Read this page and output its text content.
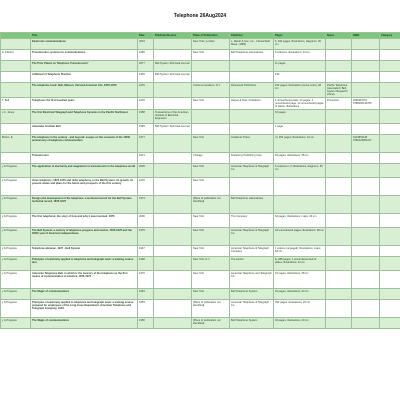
Telephone 26Aug2024
	Title	Date	Publisher/Source	Place of Publication	Publisher	Pages	Notes	ISBN	Category
	Electronic communications	2004		New York | London	L. Marsh & Son, Inc., Chesterfield Mass. (1883)	6, 400 pages; illustrations; diagrams; 26 cm			
in Industry	Transmission systems for communications	1965		New York	Bell Telephone Laboratories	5 volumes; illustrations; 24 cm			
	The Prior Patent on Telephone Transmission?	1877	Bell System Technical Journal			11 pages			
	A Manual of Telephone Practice	1915	Bell System Technical Journal			190			
	The telephone book: Bell, Watson, Vail and American Life, 1876-1976	1976		Croton-on-Hudson, N.Y.	Riverwood Publishers	153 pages; illustrations (some color); 28 cm	Pacific Telephone Association; Bell System Research Library		
T. Bell	Telephone: the first hundred years	1976		New York	Harper & Row, Publishers	1 unnumbered plate; 24 pages; 1 unnumbered page; 12 unnumbered pages of plates; illustrations	Promotion	0060110767 9780060110765	
x.C. Jones	The first Electrical Telegraph and Telephone Systems in the Pacific Northwest	1958	Transactions of the American Institute of Electrical Engineers			10 pages			
	Alexander Graham Bell	1939	Bell System Technical Journal			1 page			
Brown, E.	The telephone in the century - and beyond: essays on the occasion of the 100th anniversary of telephone communication	1977		New York	Academic Press	xii, 354 pages; illustrations; 24 cm		0123951135 9780123951137	
	Transmission	1971		Chicago	Telephony Publishing Corp.	63 pages; illustrations; 28 cm			
y & Progress	The application of electricity and magnetism to transmission in the telephone world	2006		New York	American Telephone & Telegraph Co.	6 volumes in 3; illustrations; diagrams; 25 cm			
y & Progress	Voice telephony: 1876-1976 and radio telephony, in the Bell System: its growth, its present status and plans for the future and prospects of the first century	1976		New York					
y & Progress	Design and development of the telephone: a technical record for the Bell System technical record, 1876-1976	1974		[Place of publication not identified]	Bell Telephone Laboratories				
y & Progress	The first telephone; the story of how and why it was invented, 1876	2000		New York	The Company	64 pages; illustrations; maps; 24 cm			
y & Progress	The Bell System: a century of telephone progress and service, 1876-1976 and the 200th year of American independence	1976		New York	American Telephone & Telegraph Co.	24 unnumbered pages; illustrations; 28 cm			
y & Progress	Telephone almanac, 1947 - Bell System	1947		New York	American Telephone & Telegraph Company	1 volume (unpaged); illustrations; maps; 18 cm			
y & Progress	Principles of electricity applied to telephone and telegraph work: a training course text	1938		New York, N.Y.	The Author	iii, 288 pages; 1 unnumbered leaf of plates; illustrations; 22 cm			
y & Progress	American Telephone Bell, in which is the memory of the telephone as the first means of communication in America, 1876-1976	1976		New York	American Telephone and Telegraph Co.	15 pages; illustrations; 28 cm			
y & Progress	The Magic of communications	1954		New York	Bell Telephone System	32 pages; illustrations; 23 cm			
y & Progress	Principles of electricity applied to telephone and telegraph work: a training course prepared for employees of the Long Lines Department, American Telephone and Telegraph Company, 1953	1953		[Place of publication not identified]	American Telephone & Telegraph Co.	332 pages; illustrations; 23 cm			
y & Progress	The Magic of communications	1950		[Place of publication not identified]	Bell Telephone System	32 pages; illustrations; 23 cm			
